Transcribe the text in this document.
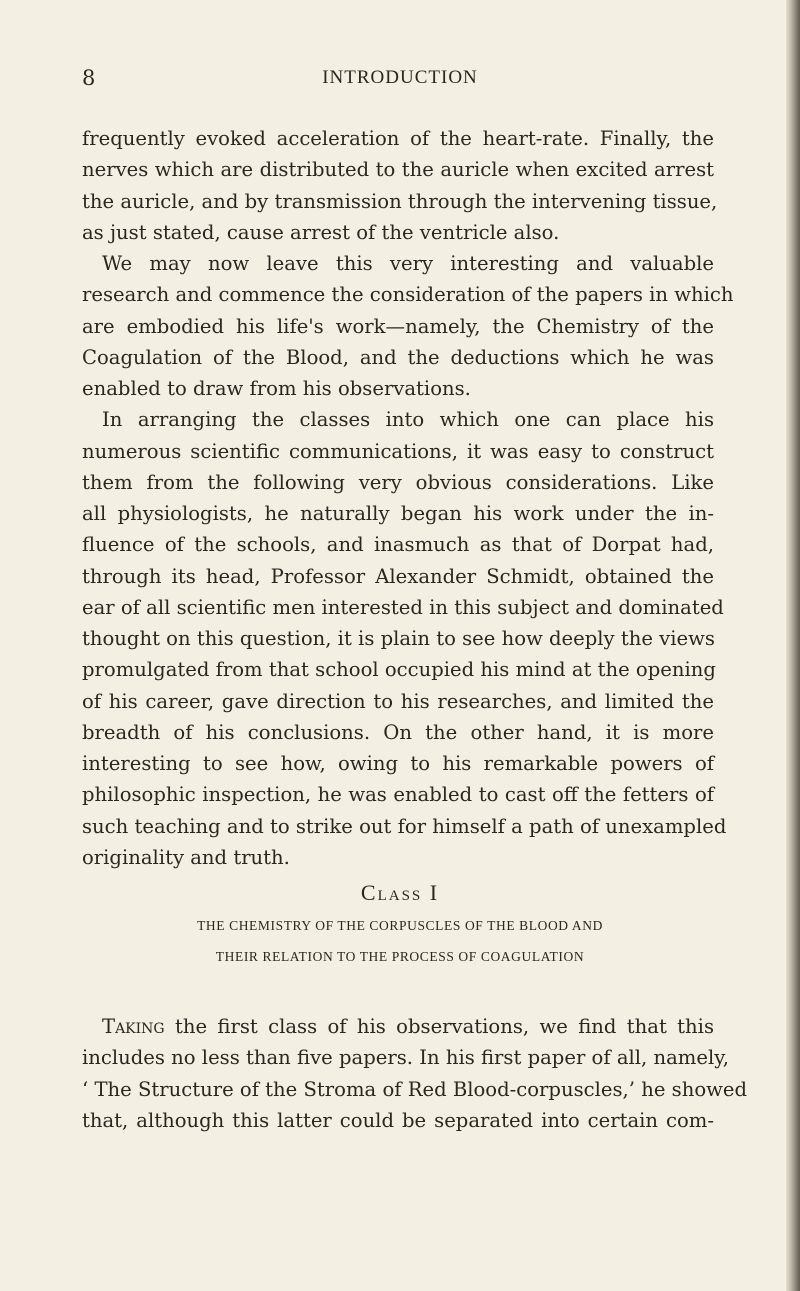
8	INTRODUCTION
frequently evoked acceleration of the heart-rate. Finally, the
nerves which are distributed to the auricle when excited arrest
the auricle, and by transmission through the intervening tissue,
as just stated, cause arrest of the ventricle also.
We may now leave this very interesting and valuable
research and commence the consideration of the papers in which
are embodied his life's work—namely, the Chemistry of the
Coagulation of the Blood, and the deductions which he was
enabled to draw from his observations.
In arranging the classes into which one can place his
numerous scientific communications, it was easy to construct
them from the following very obvious considerations. Like
all physiologists, he naturally began his work under the in-
fluence of the schools, and inasmuch as that of Dorpat had,
through its head, Professor Alexander Schmidt, obtained the
ear of all scientific men interested in this subject and dominated
thought on this question, it is plain to see how deeply the views
promulgated from that school occupied his mind at the opening
of his career, gave direction to his researches, and limited the
breadth of his conclusions. On the other hand, it is more
interesting to see how, owing to his remarkable powers of
philosophic inspection, he was enabled to cast off the fetters of
such teaching and to strike out for himself a path of unexampled
originality and truth.
Class I
THE CHEMISTRY OF THE CORPUSCLES OF THE BLOOD AND
THEIR RELATION TO THE PROCESS OF COAGULATION
Taking the first class of his observations, we find that this
includes no less than five papers. In his first paper of all, namely,
‘ The Structure of the Stroma of Red Blood-corpuscles,’ he showed
that, although this latter could be separated into certain com-
